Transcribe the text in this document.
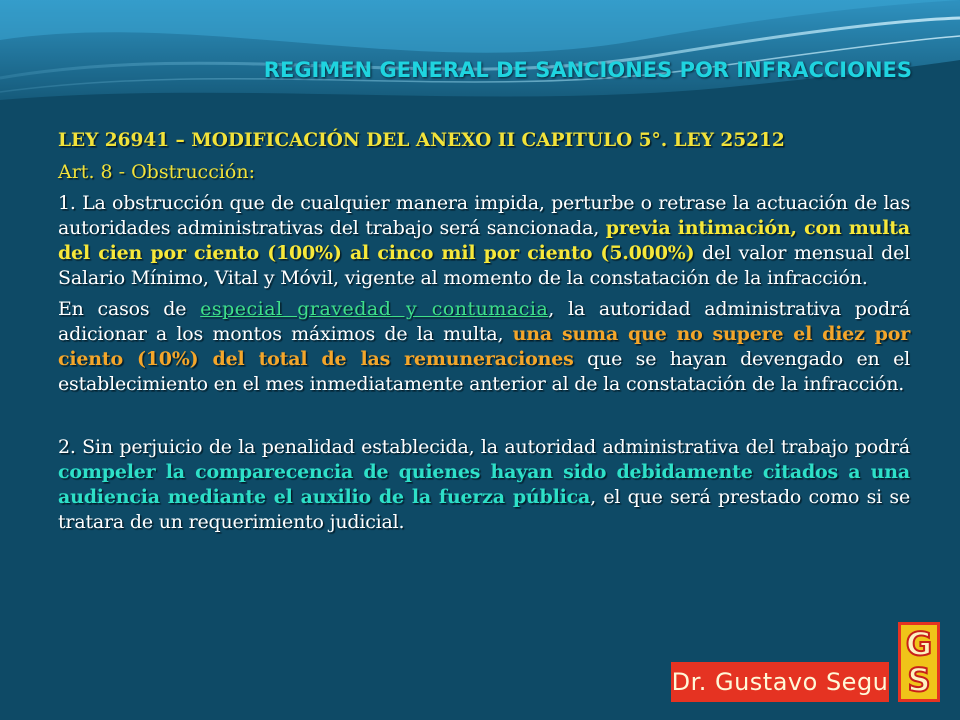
REGIMEN GENERAL DE SANCIONES POR INFRACCIONES

LEY 26941 – MODIFICACIÓN DEL ANEXO II CAPITULO 5°. LEY 25212

Art. 8 - Obstrucción:

1. La obstrucción que de cualquier manera impida, perturbe o retrase la actuación de las autoridades administrativas del trabajo será sancionada, previa intimación, con multa del cien por ciento (100%) al cinco mil por ciento (5.000%) del valor mensual del Salario Mínimo, Vital y Móvil, vigente al momento de la constatación de la infracción.

En casos de especial gravedad y contumacia, la autoridad administrativa podrá adicionar a los montos máximos de la multa, una suma que no supere el diez por ciento (10%) del total de las remuneraciones que se hayan devengado en el establecimiento en el mes inmediatamente anterior al de la constatación de la infracción.

2. Sin perjuicio de la penalidad establecida, la autoridad administrativa del trabajo podrá compeler la comparecencia de quienes hayan sido debidamente citados a una audiencia mediante el auxilio de la fuerza pública, el que será prestado como si se tratara de un requerimiento judicial.

Dr. Gustavo Segu
G
S
